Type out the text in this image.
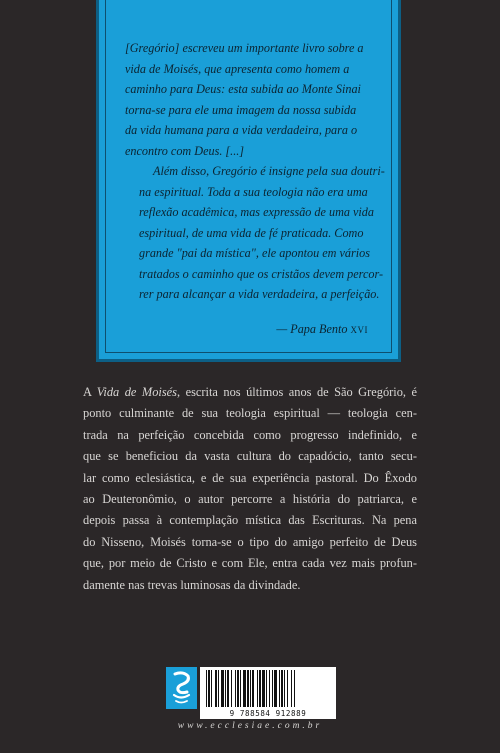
[Gregório] escreveu um importante livro sobre a
vida de Moisés, que apresenta como homem a
caminho para Deus: esta subida ao Monte Sinai
torna-se para ele uma imagem da nossa subida
da vida humana para a vida verdadeira, para o
encontro com Deus. [...]

Além disso, Gregório é insigne pela sua doutri-
na espiritual. Toda a sua teologia não era uma
reflexão acadêmica, mas expressão de uma vida
espiritual, de uma vida de fé praticada. Como
grande "pai da mística", ele apontou em vários
tratados o caminho que os cristãos devem percor-
rer para alcançar a vida verdadeira, a perfeição.

— Papa Bento xvi
A Vida de Moisés, escrita nos últimos anos de São Gregório, é
ponto culminante de sua teologia espiritual — teologia cen-
trada na perfeição concebida como progresso indefinido, e
que se beneficiou da vasta cultura do capadócio, tanto secu-
lar como eclesiástica, e de sua experiência pastoral. Do Êxodo
ao Deuteronômio, o autor percorre a história do patriarca, e
depois passa à contemplação mística das Escrituras. Na pena
do Nisseno, Moisés torna-se o tipo do amigo perfeito de Deus
que, por meio de Cristo e com Ele, entra cada vez mais profun-
damente nas trevas luminosas da divindade.
9 788584 912889
www.ecclesiae.com.br
